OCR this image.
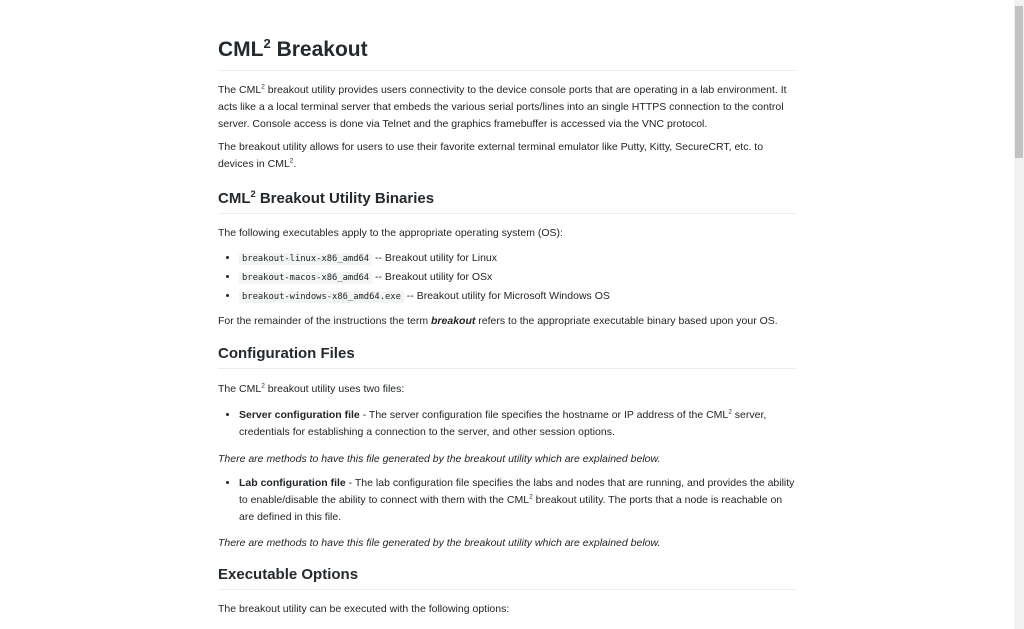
CML$^2$ Breakout

The CML$^2$ breakout utility provides users connectivity to the device console ports that are operating in a lab environment. It acts like a a local terminal server that embeds the various serial ports/lines into an single HTTPS connection to the control server. Console access is done via Telnet and the graphics framebuffer is accessed via the VNC protocol.

The breakout utility allows for users to use their favorite external terminal emulator like Putty, Kitty, SecureCRT, etc. to devices in CML$^2$.

CML$^2$ Breakout Utility Binaries

The following executables apply to the appropriate operating system (OS):

• breakout-linux-x86_amd64 -- Breakout utility for Linux
• breakout-macos-x86_amd64 -- Breakout utility for OSx
• breakout-windows-x86_amd64.exe -- Breakout utility for Microsoft Windows OS

For the remainder of the instructions the term breakout refers to the appropriate executable binary based upon your OS.

Configuration Files

The CML$^2$ breakout utility uses two files:

• Server configuration file - The server configuration file specifies the hostname or IP address of the CML$^2$ server, credentials for establishing a connection to the server, and other session options.

There are methods to have this file generated by the breakout utility which are explained below.

• Lab configuration file - The lab configuration file specifies the labs and nodes that are running, and provides the ability to enable/disable the ability to connect with them with the CML$^2$ breakout utility. The ports that a node is reachable on are defined in this file.

There are methods to have this file generated by the breakout utility which are explained below.

Executable Options

The breakout utility can be executed with the following options:
